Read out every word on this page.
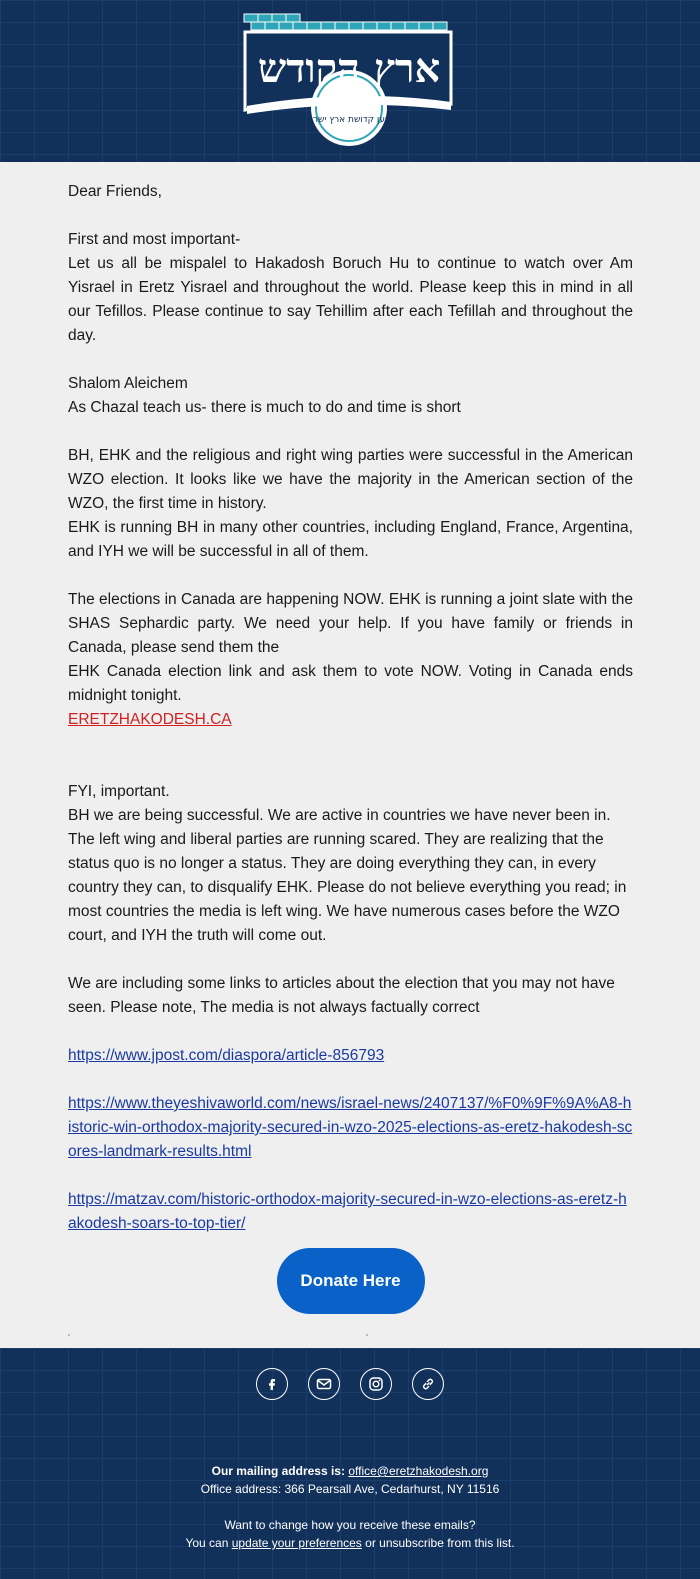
ארץ הקודש
למען קדושת ארץ ישראל

Dear Friends,

First and most important-

Let us all be mispalel to Hakadosh Boruch Hu to continue to watch over Am Yisrael in Eretz Yisrael and throughout the world. Please keep this in mind in all our Tefillos. Please continue to say Tehillim after each Tefillah and throughout the day.

Shalom Aleichem

As Chazal teach us- there is much to do and time is short

BH, EHK and the religious and right wing parties were successful in the American WZO election. It looks like we have the majority in the American section of the WZO, the first time in history.

EHK is running BH in many other countries, including England, France, Argentina, and IYH we will be successful in all of them.

The elections in Canada are happening NOW. EHK is running a joint slate with the SHAS Sephardic party. We need your help. If you have family or friends in Canada, please send them the

EHK Canada election link and ask them to vote NOW. Voting in Canada ends midnight tonight.

ERETZHAKODESH.CA

FYI, important.

BH we are being successful. We are active in countries we have never been in. The left wing and liberal parties are running scared. They are realizing that the status quo is no longer a status. They are doing everything they can, in every country they can, to disqualify EHK. Please do not believe everything you read; in most countries the media is left wing. We have numerous cases before the WZO court, and IYH the truth will come out.

We are including some links to articles about the election that you may not have seen. Please note, The media is not always factually correct

https://www.jpost.com/diaspora/article-856793

https://www.theyeshivaworld.com/news/israel-news/2407137/%F0%9F%9A%A8-historic-win-orthodox-majority-secured-in-wzo-2025-elections-as-eretz-hakodesh-scores-landmark-results.html

https://matzav.com/historic-orthodox-majority-secured-in-wzo-elections-as-eretz-hakodesh-soars-to-top-tier/

Donate Here
Our mailing address is: office@eretzhakodesh.org
Office address: 366 Pearsall Ave, Cedarhurst, NY 11516
Want to change how you receive these emails?
You can update your preferences or unsubscribe from this list.
